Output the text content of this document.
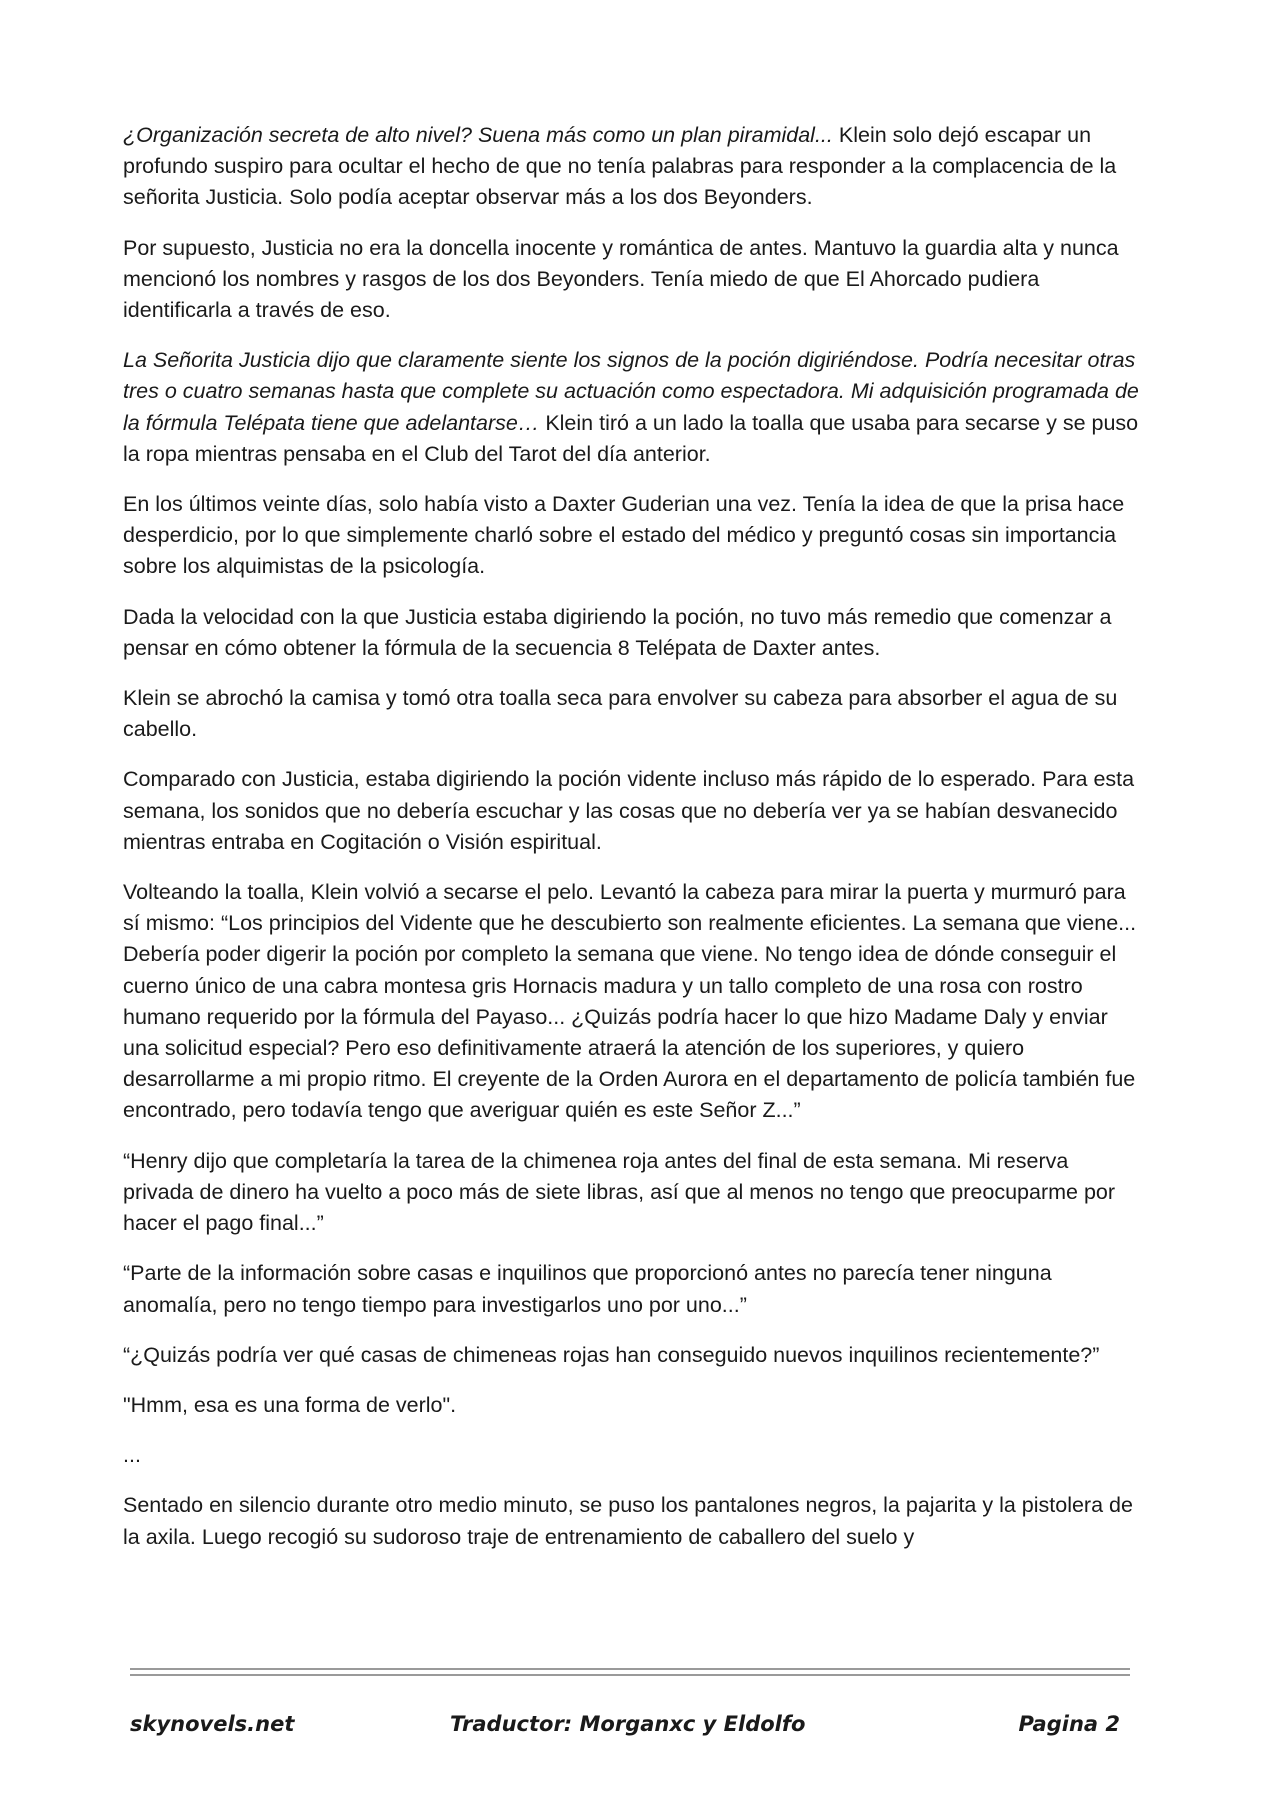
¿Organización secreta de alto nivel? Suena más como un plan piramidal... Klein solo dejó escapar un profundo suspiro para ocultar el hecho de que no tenía palabras para responder a la complacencia de la señorita Justicia. Solo podía aceptar observar más a los dos Beyonders.

Por supuesto, Justicia no era la doncella inocente y romántica de antes. Mantuvo la guardia alta y nunca mencionó los nombres y rasgos de los dos Beyonders. Tenía miedo de que El Ahorcado pudiera identificarla a través de eso.

La Señorita Justicia dijo que claramente siente los signos de la poción digiriéndose. Podría necesitar otras tres o cuatro semanas hasta que complete su actuación como espectadora. Mi adquisición programada de la fórmula Telépata tiene que adelantarse… Klein tiró a un lado la toalla que usaba para secarse y se puso la ropa mientras pensaba en el Club del Tarot del día anterior.

En los últimos veinte días, solo había visto a Daxter Guderian una vez. Tenía la idea de que la prisa hace desperdicio, por lo que simplemente charló sobre el estado del médico y preguntó cosas sin importancia sobre los alquimistas de la psicología.

Dada la velocidad con la que Justicia estaba digiriendo la poción, no tuvo más remedio que comenzar a pensar en cómo obtener la fórmula de la secuencia 8 Telépata de Daxter antes.

Klein se abrochó la camisa y tomó otra toalla seca para envolver su cabeza para absorber el agua de su cabello.

Comparado con Justicia, estaba digiriendo la poción vidente incluso más rápido de lo esperado. Para esta semana, los sonidos que no debería escuchar y las cosas que no debería ver ya se habían desvanecido mientras entraba en Cogitación o Visión espiritual.

Volteando la toalla, Klein volvió a secarse el pelo. Levantó la cabeza para mirar la puerta y murmuró para sí mismo: “Los principios del Vidente que he descubierto son realmente eficientes. La semana que viene... Debería poder digerir la poción por completo la semana que viene. No tengo idea de dónde conseguir el cuerno único de una cabra montesa gris Hornacis madura y un tallo completo de una rosa con rostro humano requerido por la fórmula del Payaso... ¿Quizás podría hacer lo que hizo Madame Daly y enviar una solicitud especial? Pero eso definitivamente atraerá la atención de los superiores, y quiero desarrollarme a mi propio ritmo. El creyente de la Orden Aurora en el departamento de policía también fue encontrado, pero todavía tengo que averiguar quién es este Señor Z...”

“Henry dijo que completaría la tarea de la chimenea roja antes del final de esta semana. Mi reserva privada de dinero ha vuelto a poco más de siete libras, así que al menos no tengo que preocuparme por hacer el pago final...”

“Parte de la información sobre casas e inquilinos que proporcionó antes no parecía tener ninguna anomalía, pero no tengo tiempo para investigarlos uno por uno...”

“¿Quizás podría ver qué casas de chimeneas rojas han conseguido nuevos inquilinos recientemente?”

"Hmm, esa es una forma de verlo".

...

Sentado en silencio durante otro medio minuto, se puso los pantalones negros, la pajarita y la pistolera de la axila. Luego recogió su sudoroso traje de entrenamiento de caballero del suelo y

skynovels.net	Traductor: Morganxc y Eldolfo	Pagina 2
